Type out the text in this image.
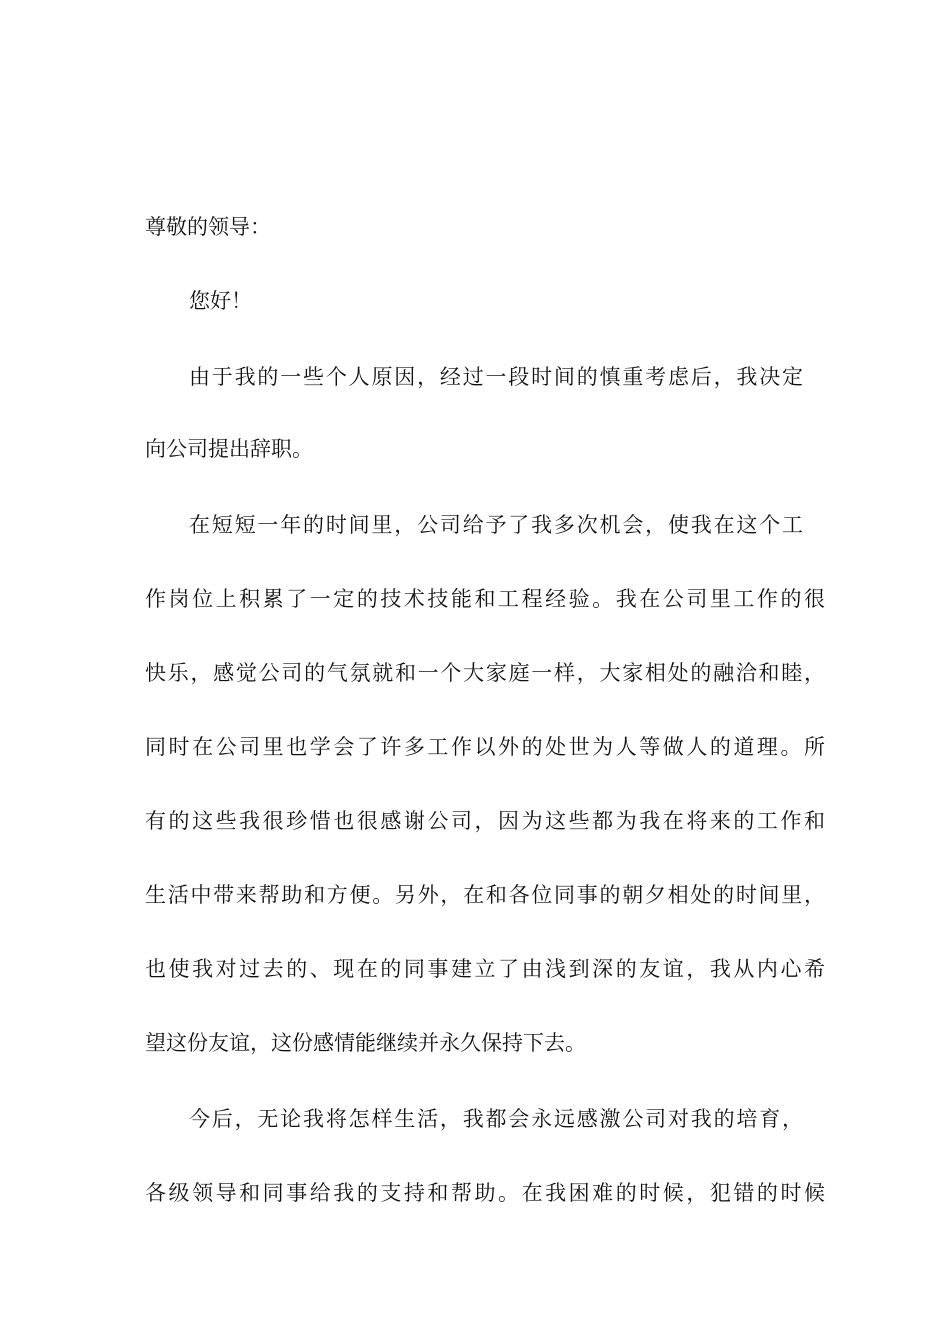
尊敬的领导：
您好！
由于我的一些个人原因，经过一段时间的慎重考虑后，我决定
向公司提出辞职。
在短短一年的时间里，公司给予了我多次机会，使我在这个工
作岗位上积累了一定的技术技能和工程经验。我在公司里工作的很
快乐，感觉公司的气氛就和一个大家庭一样，大家相处的融洽和睦，
同时在公司里也学会了许多工作以外的处世为人等做人的道理。所
有的这些我很珍惜也很感谢公司，因为这些都为我在将来的工作和
生活中带来帮助和方便。另外，在和各位同事的朝夕相处的时间里，
也使我对过去的、现在的同事建立了由浅到深的友谊，我从内心希
望这份友谊，这份感情能继续并永久保持下去。
今后，无论我将怎样生活，我都会永远感激公司对我的培育，
各级领导和同事给我的支持和帮助。在我困难的时候，犯错的时候
